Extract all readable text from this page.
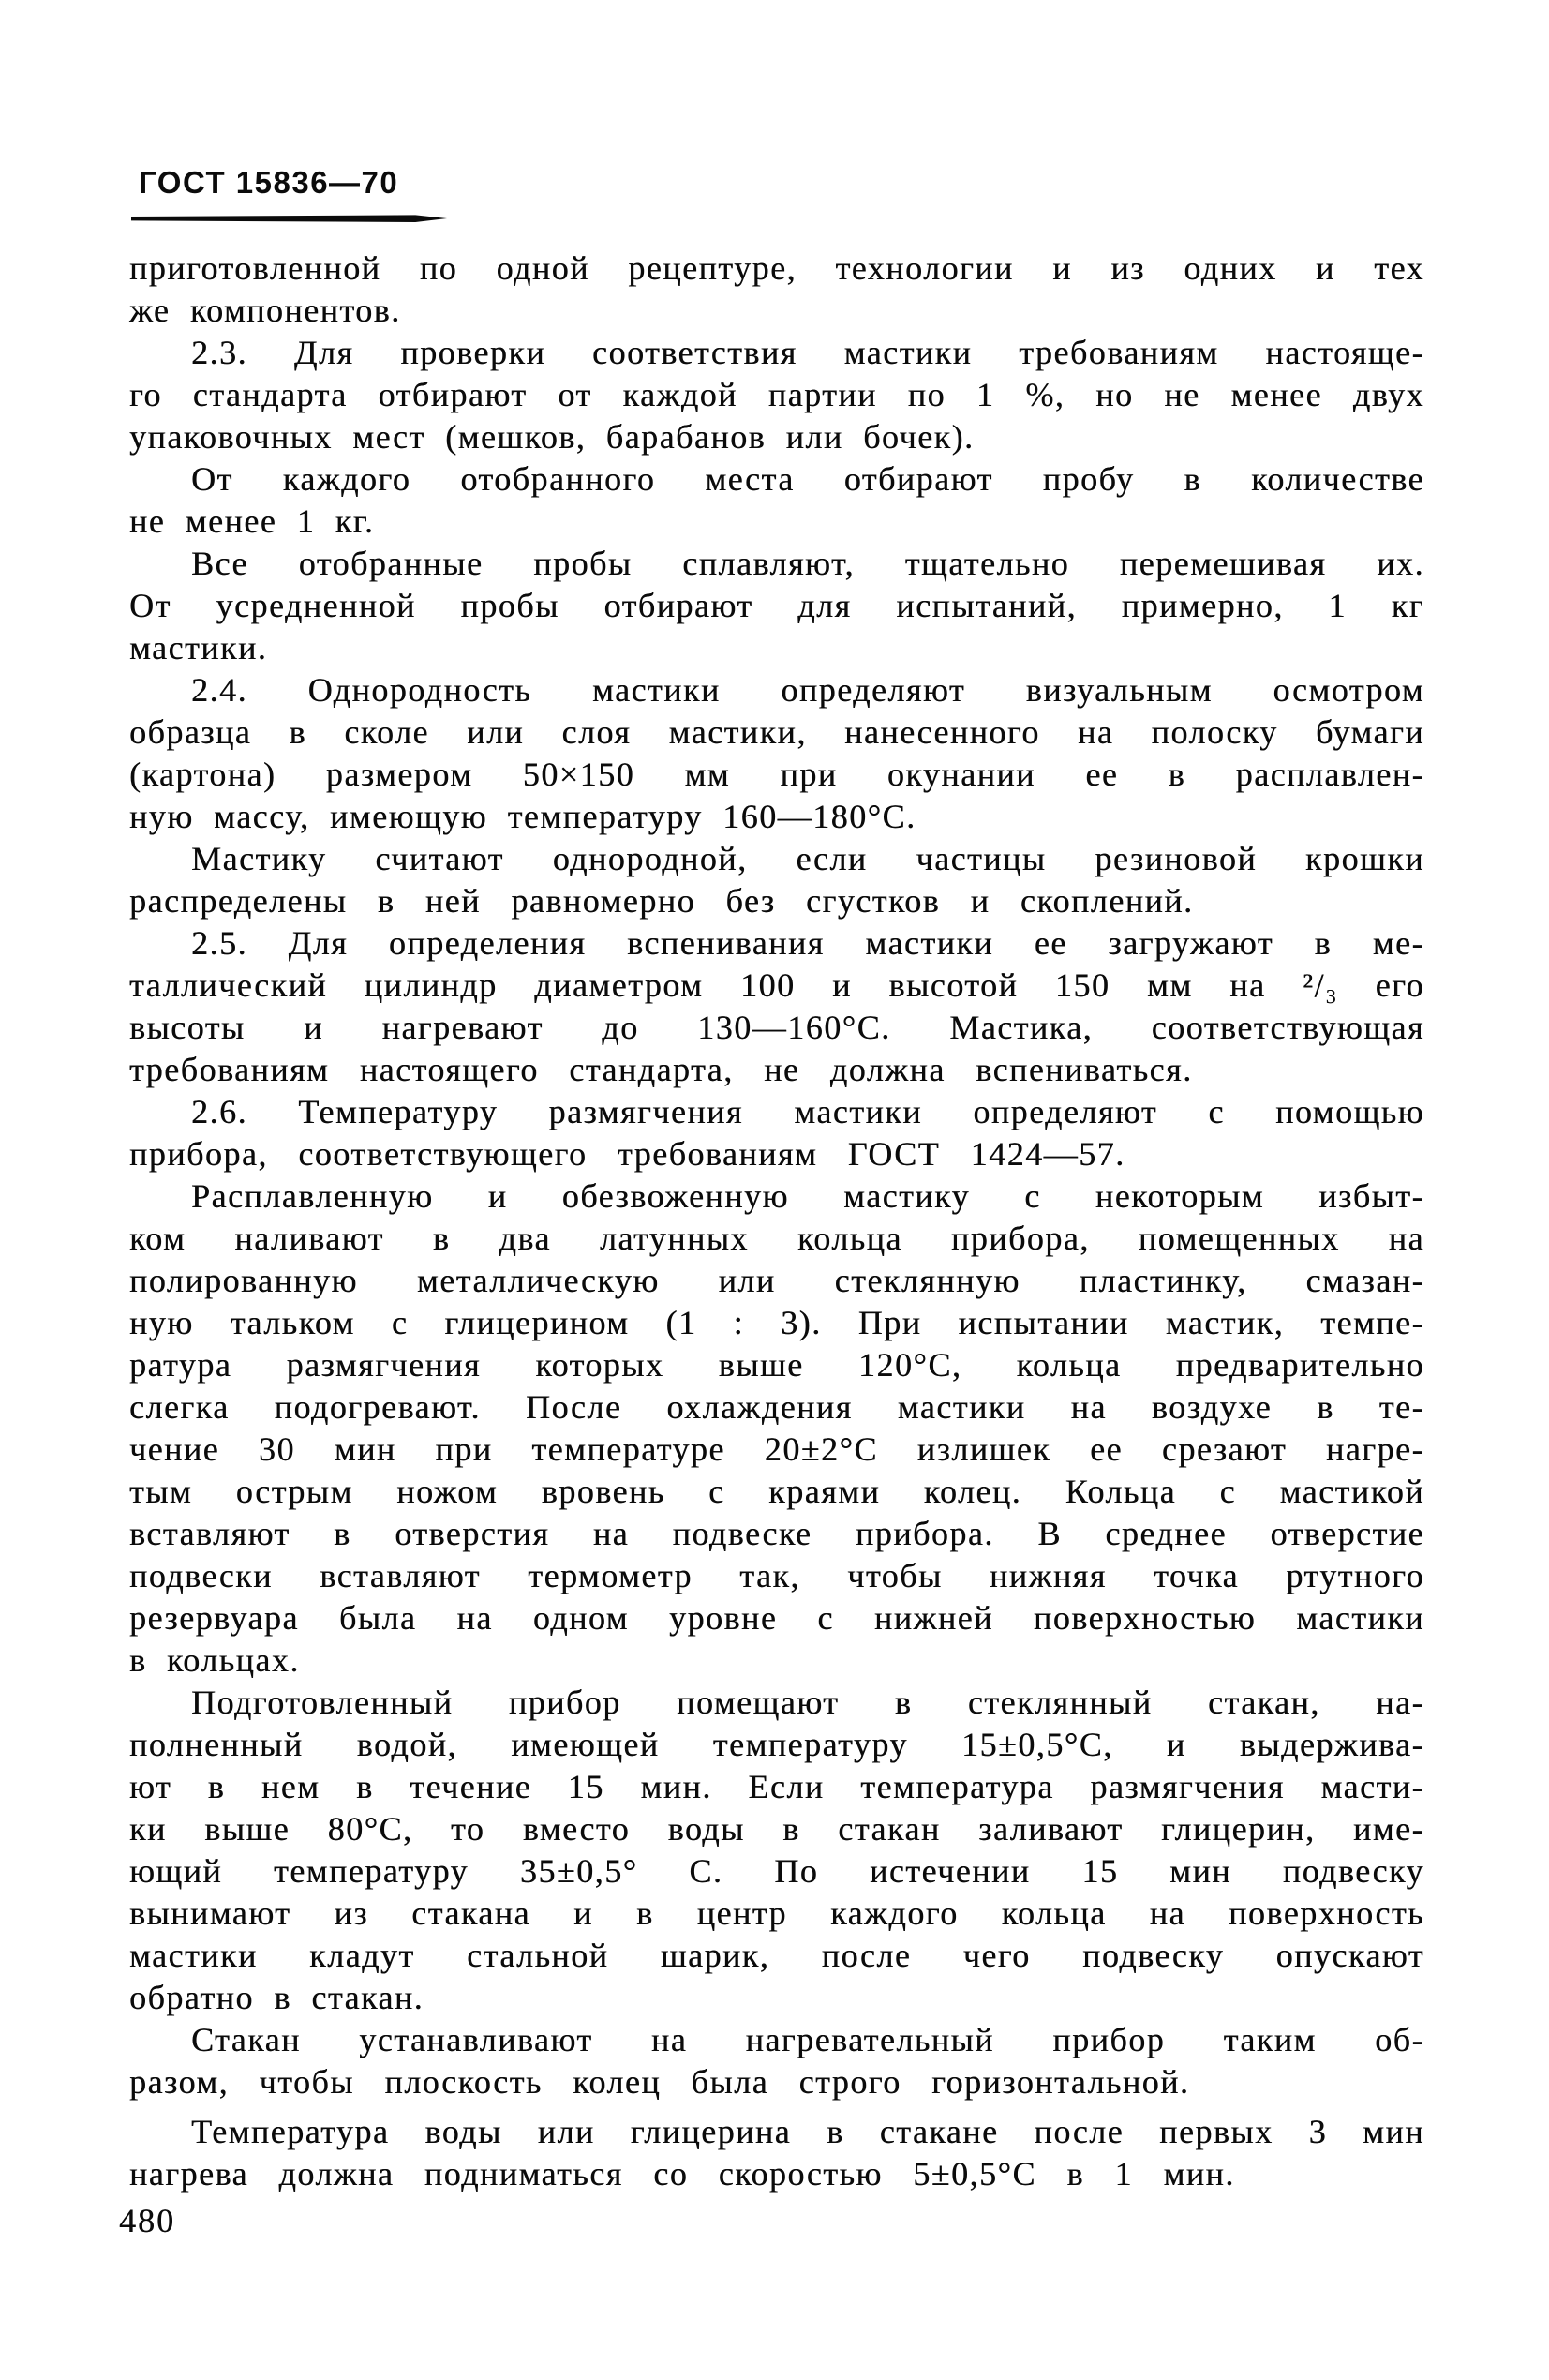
ГОСТ 15836—70
приготовленной по одной рецептуре, технологии и из одних и тех
же компонентов.
2.3. Для проверки соответствия мастики требованиям настояще-
го стандарта отбирают от каждой партии по 1 %, но не менее двух
упаковочных мест (мешков, барабанов или бочек).
От каждого отобранного места отбирают пробу в количестве
не менее 1 кг.
Все отобранные пробы сплавляют, тщательно перемешивая их.
От усредненной пробы отбирают для испытаний, примерно, 1 кг
мастики.
2.4. Однородность мастики определяют визуальным осмотром
образца в сколе или слоя мастики, нанесенного на полоску бумаги
(картона) размером 50×150 мм при окунании ее в расплавлен-
ную массу, имеющую температуру 160—180°С.
Мастику считают однородной, если частицы резиновой крошки
распределены в ней равномерно без сгустков и скоплений.
2.5. Для определения вспенивания мастики ее загружают в ме-
таллический цилиндр диаметром 100 и высотой 150 мм на ²/₃ его
высоты и нагревают до 130—160°С. Мастика, соответствующая
требованиям настоящего стандарта, не должна вспениваться.
2.6. Температуру размягчения мастики определяют с помощью
прибора, соответствующего требованиям ГОСТ 1424—57.
Расплавленную и обезвоженную мастику с некоторым избыт-
ком наливают в два латунных кольца прибора, помещенных на
полированную металлическую или стеклянную пластинку, смазан-
ную тальком с глицерином (1 : 3). При испытании мастик, темпе-
ратура размягчения которых выше 120°С, кольца предварительно
слегка подогревают. После охлаждения мастики на воздухе в те-
чение 30 мин при температуре 20±2°С излишек ее срезают нагре-
тым острым ножом вровень с краями колец. Кольца с мастикой
вставляют в отверстия на подвеске прибора. В среднее отверстие
подвески вставляют термометр так, чтобы нижняя точка ртутного
резервуара была на одном уровне с нижней поверхностью мастики
в кольцах.
Подготовленный прибор помещают в стеклянный стакан, на-
полненный водой, имеющей температуру 15±0,5°С, и выдержива-
ют в нем в течение 15 мин. Если температура размягчения масти-
ки выше 80°С, то вместо воды в стакан заливают глицерин, име-
ющий температуру 35±0,5° С. По истечении 15 мин подвеску
вынимают из стакана и в центр каждого кольца на поверхность
мастики кладут стальной шарик, после чего подвеску опускают
обратно в стакан.
Стакан устанавливают на нагревательный прибор таким об-
разом, чтобы плоскость колец была строго горизонтальной.
Температура воды или глицерина в стакане после первых 3 мин
нагрева должна подниматься со скоростью 5±0,5°С в 1 мин.
480
